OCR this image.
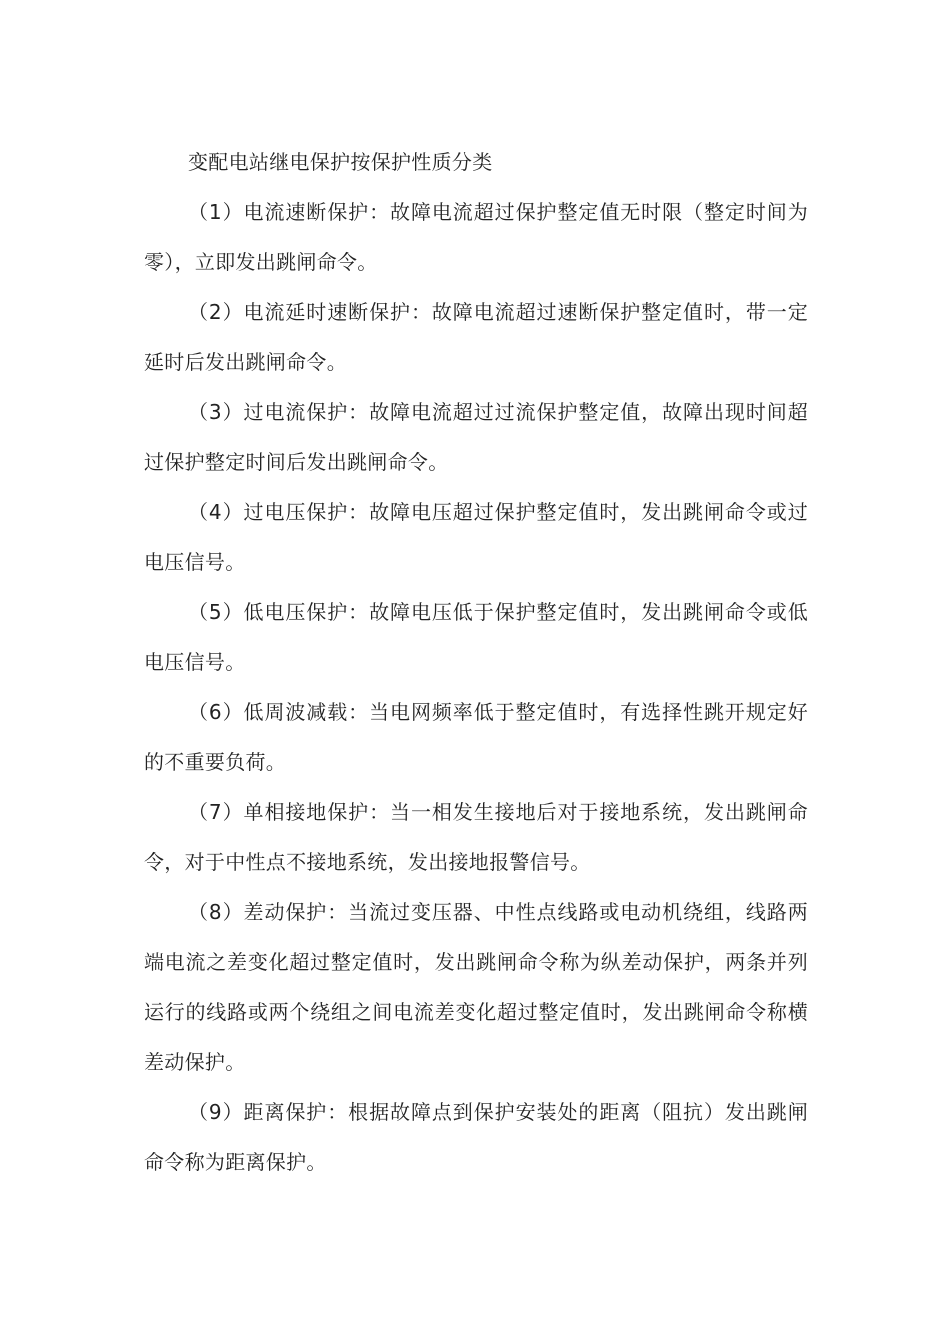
变配电站继电保护按保护性质分类

（1）电流速断保护：故障电流超过保护整定值无时限（整定时间为零），立即发出跳闸命令。

（2）电流延时速断保护：故障电流超过速断保护整定值时，带一定延时后发出跳闸命令。

（3）过电流保护：故障电流超过过流保护整定值，故障出现时间超过保护整定时间后发出跳闸命令。

（4）过电压保护：故障电压超过保护整定值时，发出跳闸命令或过电压信号。

（5）低电压保护：故障电压低于保护整定值时，发出跳闸命令或低电压信号。

（6）低周波减载：当电网频率低于整定值时，有选择性跳开规定好的不重要负荷。

（7）单相接地保护：当一相发生接地后对于接地系统，发出跳闸命令，对于中性点不接地系统，发出接地报警信号。

（8）差动保护：当流过变压器、中性点线路或电动机绕组，线路两端电流之差变化超过整定值时，发出跳闸命令称为纵差动保护，两条并列运行的线路或两个绕组之间电流差变化超过整定值时，发出跳闸命令称横差动保护。

（9）距离保护：根据故障点到保护安装处的距离（阻抗）发出跳闸命令称为距离保护。
